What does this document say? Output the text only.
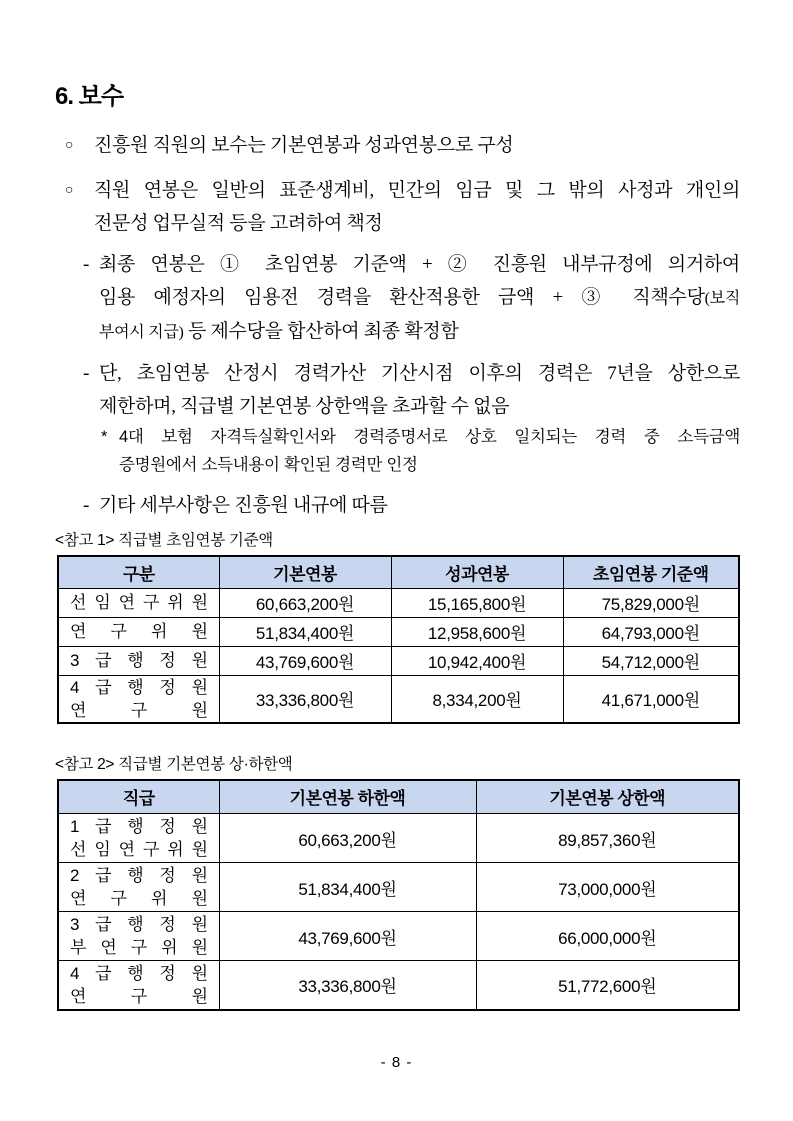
6. 보수
○	진흥원 직원의 보수는 기본연봉과 성과연봉으로 구성
○	직원 연봉은 일반의 표준생계비, 민간의 임금 및 그 밖의 사정과 개인의
전문성 업무실적 등을 고려하여 책정
- 최종 연봉은 ① 초임연봉 기준액 + ② 진흥원 내부규정에 의거하여
임용 예정자의 임용전 경력을 환산적용한 금액 + ③ 직책수당(보직
부여시 지급) 등 제수당을 합산하여 최종 확정함
- 단, 초임연봉 산정시 경력가산 기산시점 이후의 경력은 7년을 상한으로
제한하며, 직급별 기본연봉 상한액을 초과할 수 없음
* 4대 보험 자격득실확인서와 경력증명서로 상호 일치되는 경력 중 소득금액
증명원에서 소득내용이 확인된 경력만 인정
- 기타 세부사항은 진흥원 내규에 따름
<참고 1> 직급별 초임연봉 기준액
구분	기본연봉	성과연봉	초임연봉 기준액

선 임 연 구 위 원	60,663,200원	15,165,800원	75,829,000원

연 구 위 원	51,834,400원	12,958,600원	64,793,000원

3 급 행 정 원	43,769,600원	10,942,400원	54,712,000원

4 급 행 정 원
연 구 원	33,336,800원	8,334,200원	41,671,000원
<참고 2> 직급별 기본연봉 상·하한액
직급	기본연봉 하한액	기본연봉 상한액

1 급 행 정 원
선 임 연 구 위 원	60,663,200원	89,857,360원

2 급 행 정 원
연 구 위 원	51,834,400원	73,000,000원

3 급 행 정 원
부 연 구 위 원	43,769,600원	66,000,000원

4 급 행 정 원
연 구 원	33,336,800원	51,772,600원
- 8 -
